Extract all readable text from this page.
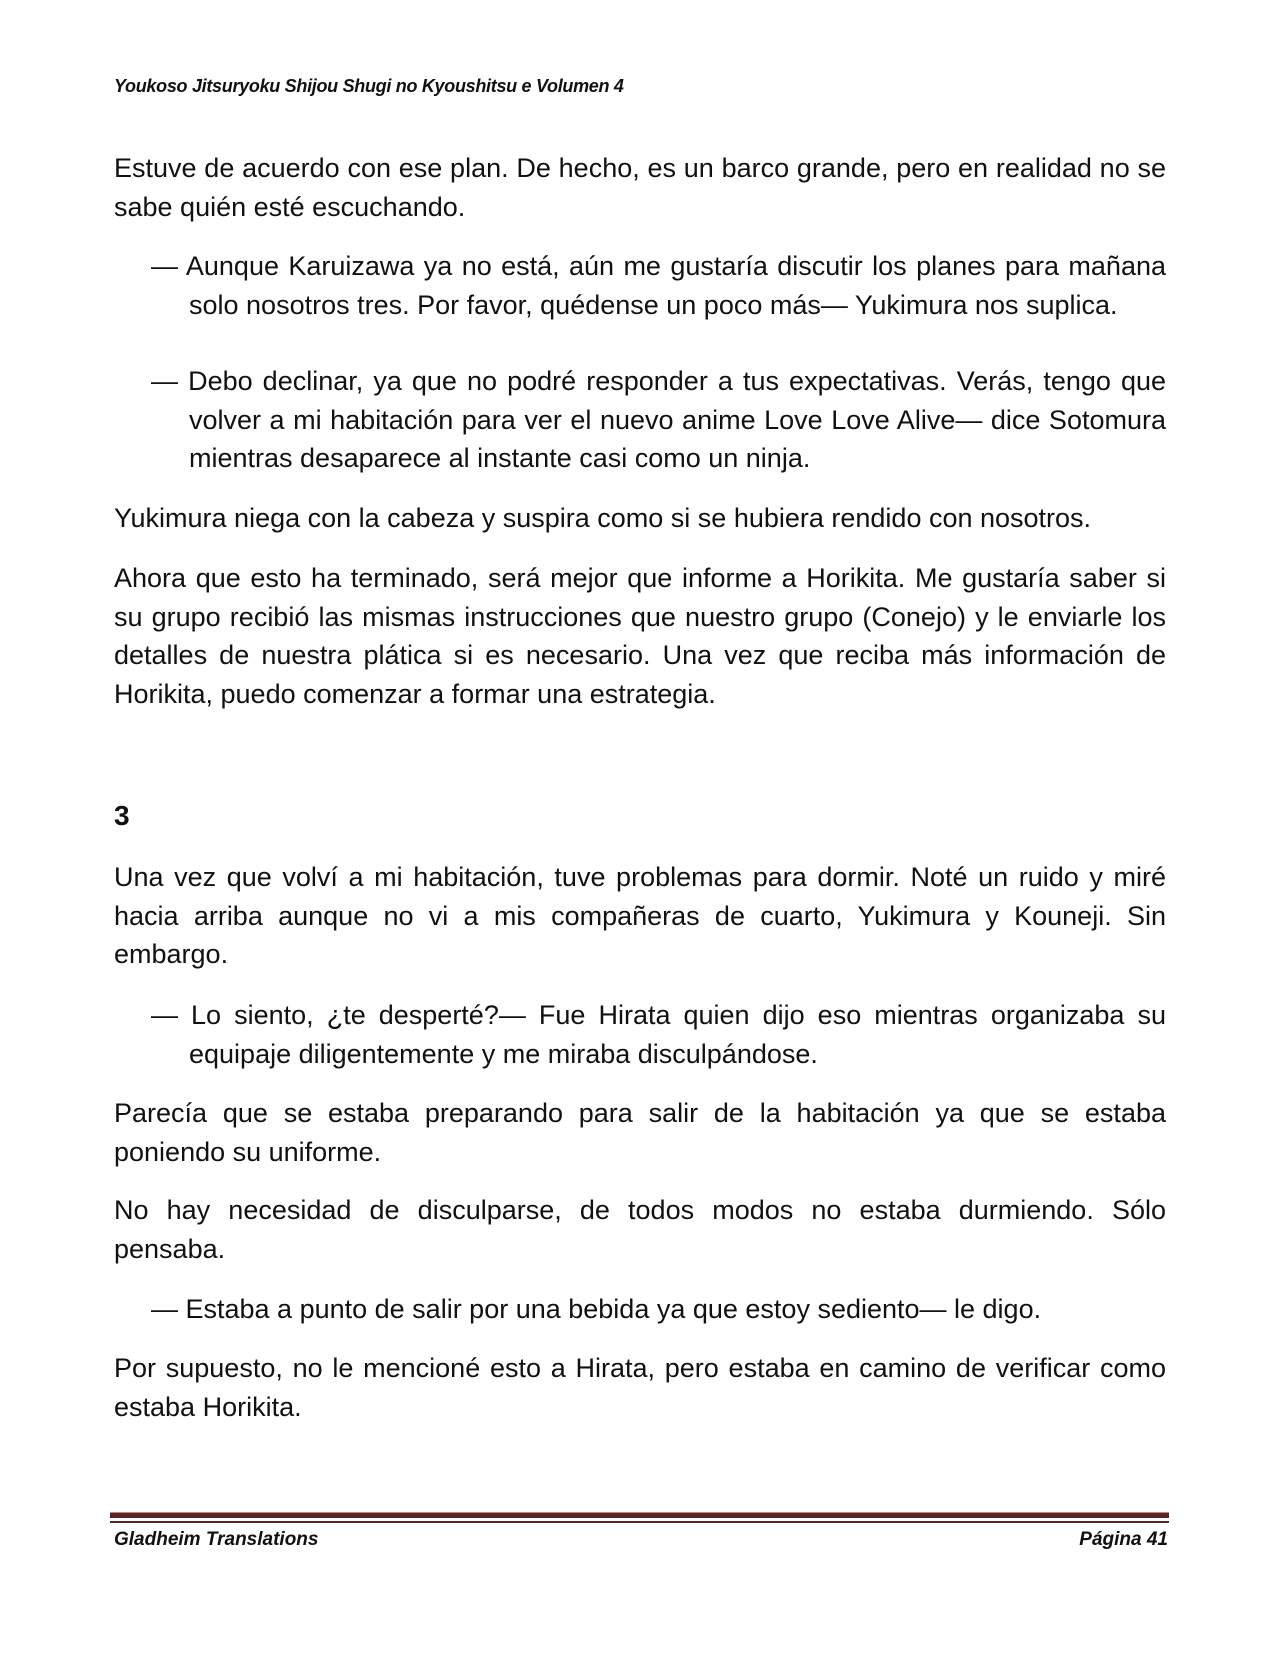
Youkoso Jitsuryoku Shijou Shugi no Kyoushitsu e Volumen 4
Estuve de acuerdo con ese plan. De hecho, es un barco grande, pero en realidad no se sabe quién esté escuchando.

— Aunque Karuizawa ya no está, aún me gustaría discutir los planes para mañana solo nosotros tres. Por favor, quédense un poco más— Yukimura nos suplica.

— Debo declinar, ya que no podré responder a tus expectativas. Verás, tengo que volver a mi habitación para ver el nuevo anime Love Love Alive— dice Sotomura mientras desaparece al instante casi como un ninja.

Yukimura niega con la cabeza y suspira como si se hubiera rendido con nosotros.
Ahora que esto ha terminado, será mejor que informe a Horikita. Me gustaría saber si su grupo recibió las mismas instrucciones que nuestro grupo (Conejo) y le enviarle los detalles de nuestra plática si es necesario. Una vez que reciba más información de Horikita, puedo comenzar a formar una estrategia.
3
Una vez que volví a mi habitación, tuve problemas para dormir. Noté un ruido y miré hacia arriba aunque no vi a mis compañeras de cuarto, Yukimura y Kouneji. Sin embargo.

— Lo siento, ¿te desperté?— Fue Hirata quien dijo eso mientras organizaba su equipaje diligentemente y me miraba disculpándose.

Parecía que se estaba preparando para salir de la habitación ya que se estaba poniendo su uniforme.
No hay necesidad de disculparse, de todos modos no estaba durmiendo. Sólo pensaba.

— Estaba a punto de salir por una bebida ya que estoy sediento— le digo.

Por supuesto, no le mencioné esto a Hirata, pero estaba en camino de verificar como estaba Horikita.
Gladheim Translations	Página 41
